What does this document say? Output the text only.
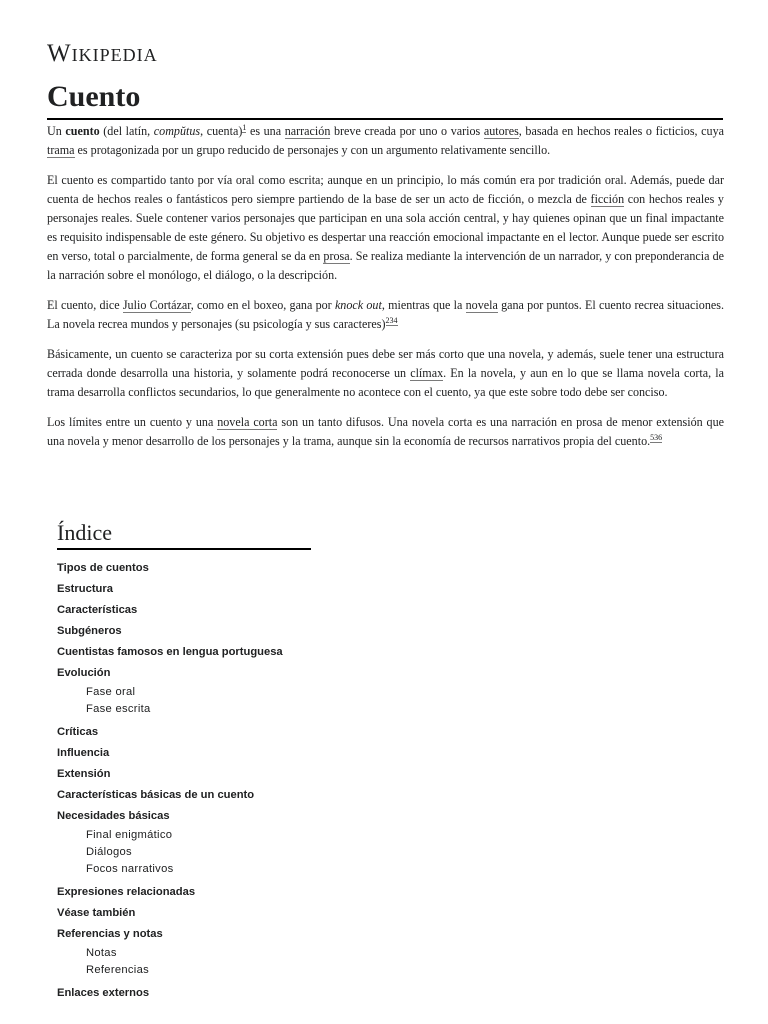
Wikipedia
Cuento

Un cuento (del latín, compŭtus, cuenta)$^1$ es una narración breve creada por uno o varios autores, basada en hechos reales o ficticios, cuya trama es protagonizada por un grupo reducido de personajes y con un argumento relativamente sencillo.

El cuento es compartido tanto por vía oral como escrita; aunque en un principio, lo más común era por tradición oral. Además, puede dar cuenta de hechos reales o fantásticos pero siempre partiendo de la base de ser un acto de ficción, o mezcla de ficción con hechos reales y personajes reales. Suele contener varios personajes que participan en una sola acción central, y hay quienes opinan que un final impactante es requisito indispensable de este género. Su objetivo es despertar una reacción emocional impactante en el lector. Aunque puede ser escrito en verso, total o parcialmente, de forma general se da en prosa. Se realiza mediante la intervención de un narrador, y con preponderancia de la narración sobre el monólogo, el diálogo, o la descripción.

El cuento, dice Julio Cortázar, como en el boxeo, gana por knock out, mientras que la novela gana por puntos. El cuento recrea situaciones. La novela recrea mundos y personajes (su psicología y sus caracteres)$^{234}$

Básicamente, un cuento se caracteriza por su corta extensión pues debe ser más corto que una novela, y además, suele tener una estructura cerrada donde desarrolla una historia, y solamente podrá reconocerse un clímax. En la novela, y aun en lo que se llama novela corta, la trama desarrolla conflictos secundarios, lo que generalmente no acontece con el cuento, ya que este sobre todo debe ser conciso.

Los límites entre un cuento y una novela corta son un tanto difusos. Una novela corta es una narración en prosa de menor extensión que una novela y menor desarrollo de los personajes y la trama, aunque sin la economía de recursos narrativos propia del cuento.$^{536}$

Índice
Tipos de cuentos
Estructura
Características
Subgéneros
Cuentistas famosos en lengua portuguesa
Evolución
Fase oral
Fase escrita
Críticas
Influencia
Extensión
Características básicas de un cuento
Necesidades básicas
Final enigmático
Diálogos
Focos narrativos
Expresiones relacionadas
Véase también
Referencias y notas
Notas
Referencias
Enlaces externos
